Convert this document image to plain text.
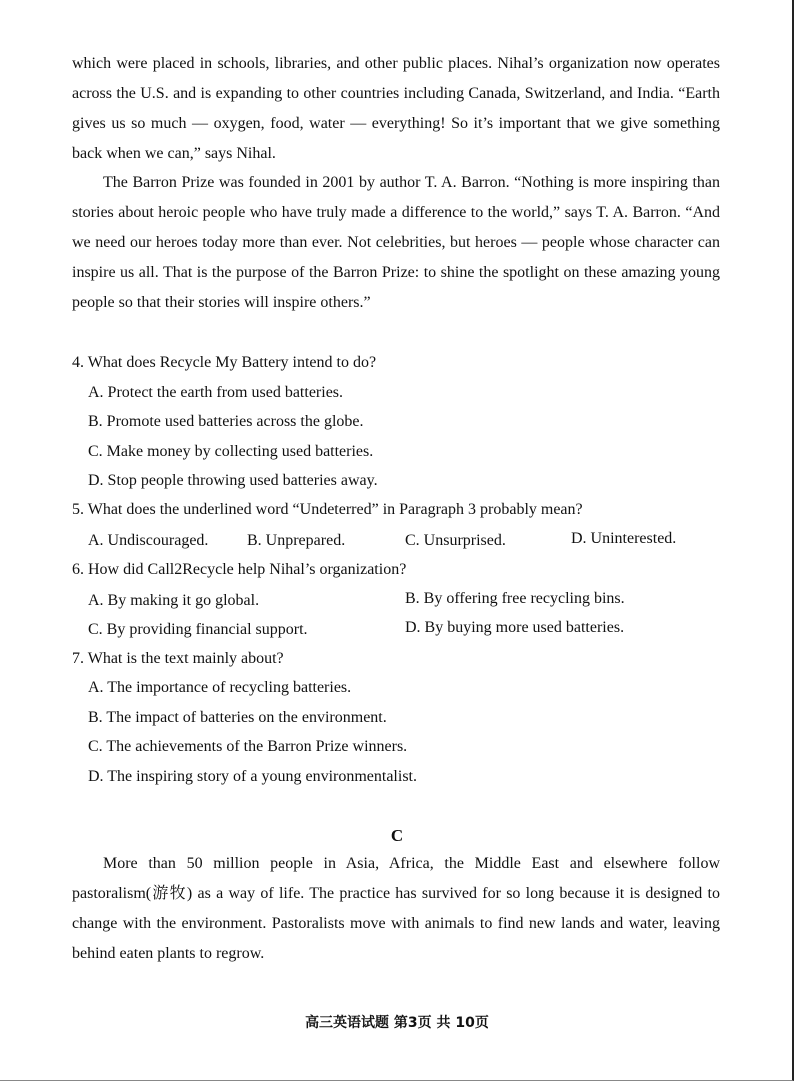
which were placed in schools, libraries, and other public places. Nihal’s organization now operates across the U.S. and is expanding to other countries including Canada, Switzerland, and India. “Earth gives us so much — oxygen, food, water — everything! So it’s important that we give something back when we can,” says Nihal.

The Barron Prize was founded in 2001 by author T. A. Barron. “Nothing is more inspiring than stories about heroic people who have truly made a difference to the world,” says T. A. Barron. “And we need our heroes today more than ever. Not celebrities, but heroes — people whose character can inspire us all. That is the purpose of the Barron Prize: to shine the spotlight on these amazing young people so that their stories will inspire others.”

4. What does Recycle My Battery intend to do?
A. Protect the earth from used batteries.
B. Promote used batteries across the globe.
C. Make money by collecting used batteries.
D. Stop people throwing used batteries away.
5. What does the underlined word “Undeterred” in Paragraph 3 probably mean?
A. Undiscouraged. B. Unprepared.	C. Unsurprised.	D. Uninterested.
6. How did Call2Recycle help Nihal’s organization?
A. By making it go global.	B. By offering free recycling bins.
C. By providing financial support.	D. By buying more used batteries.
7. What is the text mainly about?
A. The importance of recycling batteries.
B. The impact of batteries on the environment.
C. The achievements of the Barron Prize winners.
D. The inspiring story of a young environmentalist.
C

More than 50 million people in Asia, Africa, the Middle East and elsewhere follow pastoralism(游牧) as a way of life. The practice has survived for so long because it is designed to change with the environment. Pastoralists move with animals to find new lands and water, leaving behind eaten plants to regrow.

高三英语试题 第3页 共 10页
